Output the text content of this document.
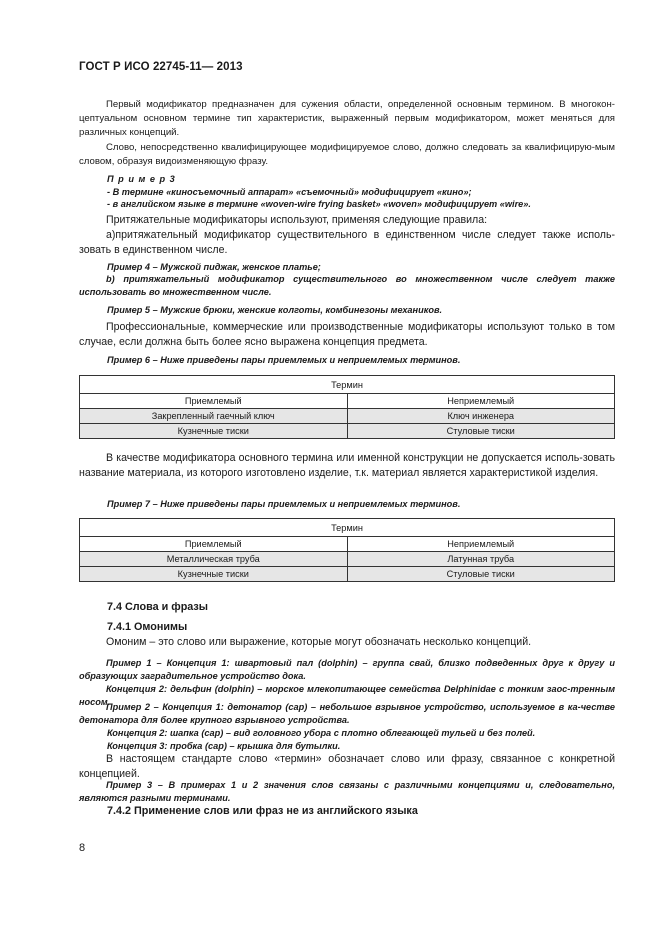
ГОСТ Р ИСО 22745-11— 2013

Первый модификатор предназначен для сужения области, определенной основным термином. В многокон-цептуальном основном термине тип характеристик, выраженный первым модификатором, может меняться для различных концепций.

Слово, непосредственно квалифицирующее модифицируемое слово, должно следовать за квалифицирую-мым словом, образуя видоизменяющую фразу.

П р и м е р 3
- В термине «киносъемочный аппарат» «съемочный» модифицирует «кино»;
- в английском языке в термине «woven-wire frying basket» «woven» модифицирует «wire».

Притяжательные модификаторы используют, применяя следующие правила:

а)притяжательный модификатор существительного в единственном числе следует также исполь-зовать в единственном числе.

Пример 4 – Мужской пиджак, женское платье;
b) притяжательный модификатор существительного во множественном числе следует также использовать во множественном числе.
Пример 5 – Мужские брюки, женские колготы, комбинезоны механиков.

Профессиональные, коммерческие или производственные модификаторы используют только в том случае, если должна быть более ясно выражена концепция предмета.

Пример 6 – Ниже приведены пары приемлемых и неприемлемых терминов.
Термин	
Приемлемый	Неприемлемый
Закрепленный гаечный ключ	Ключ инженера
Кузнечные тиски	Стуловые тиски

В качестве модификатора основного термина или именной конструкции не допускается исполь-зовать название материала, из которого изготовлено изделие, т.к. материал является характеристикой изделия.

Пример 7 – Ниже приведены пары приемлемых и неприемлемых терминов.
Термин	
Приемлемый	Неприемлемый
Металлическая труба	Латунная труба
Кузнечные тиски	Стуловые тиски
7.4 Слова и фразы
7.4.1 Омонимы

Омоним – это слово или выражение, которые могут обозначать несколько концепций.

Пример 1 – Концепция 1: швартовый пал (dolphin) – группа свай, близко подведенных друг к другу и образующих заградительное устройство дока.
Концепция 2: дельфин (dolphin) – морское млекопитающее семейства Delphinidae с тонким заос-тренным носом.
Пример 2 – Концепция 1: детонатор (cap) – небольшое взрывное устройство, используемое в ка-честве детонатора для более крупного взрывного устройства.
Концепция 2: шапка (cap) – вид головного убора с плотно облегающей тульей и без полей.
Концепция 3: пробка (cap) – крышка для бутылки.

В настоящем стандарте слово «термин» обозначает слово или фразу, связанное с конкретной концепцией.

Пример 3 – В примерах 1 и 2 значения слов связаны с различными концепциями и, следовательно, являются разными терминами.
7.4.2 Применение слов или фраз не из английского языка
8
